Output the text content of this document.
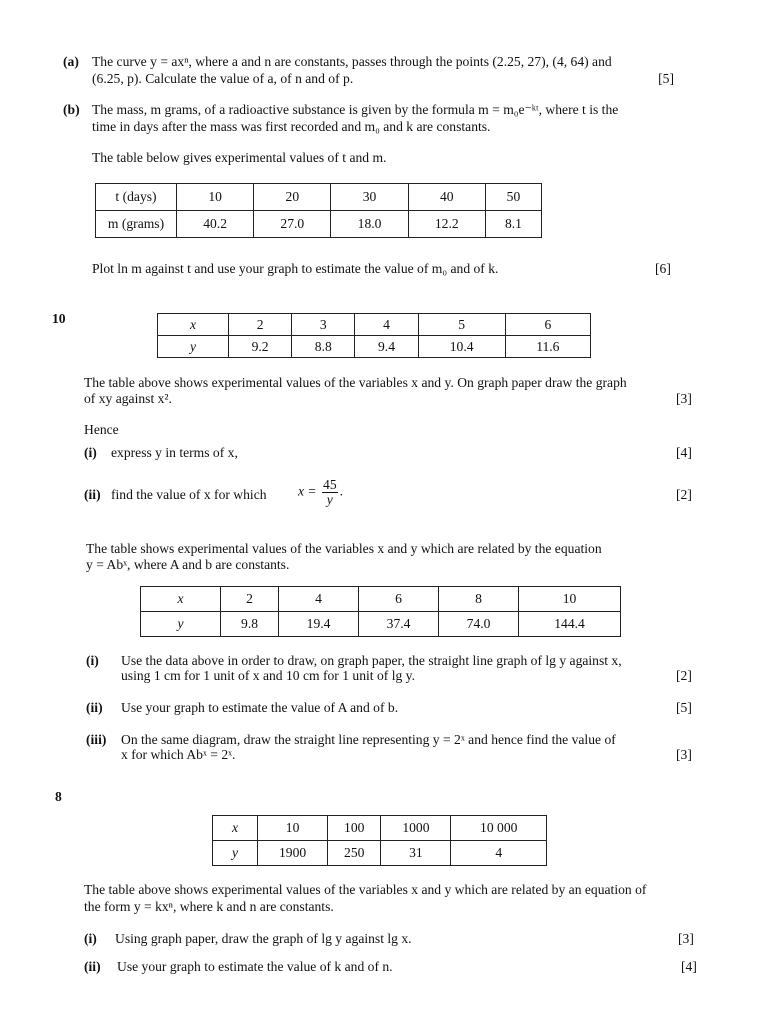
(a) The curve y = axⁿ, where a and n are constants, passes through the points (2.25, 27), (4, 64) and
(6.25, p). Calculate the value of a, of n and of p.	[5]
(b) The mass, m grams, of a radioactive substance is given by the formula m = m₀e⁻ᵏᵗ, where t is the
time in days after the mass was first recorded and m₀ and k are constants.
The table below gives experimental values of t and m.
t (days)	10	20	30	40	50
m (grams)	40.2	27.0	18.0	12.2	8.1
Plot ln m against t and use your graph to estimate the value of m₀ and of k.	[6]
10	x	2	3	4	5	6
y	9.2	8.8	9.4	10.4	11.6
The table above shows experimental values of the variables x and y. On graph paper draw the graph
of xy against x².	[3]
Hence
(i) express y in terms of x,	[4]
(ii) find the value of x for which $x = \frac{45}{y}$ .	[2]
The table shows experimental values of the variables x and y which are related by the equation
y = Abˣ, where A and b are constants.
x	2	4	6	8	10
y	9.8	19.4	37.4	74.0	144.4
(i) Use the data above in order to draw, on graph paper, the straight line graph of lg y against x,
using 1 cm for 1 unit of x and 10 cm for 1 unit of lg y.	[2]
(ii) Use your graph to estimate the value of A and of b.	[5]
(iii) On the same diagram, draw the straight line representing y = 2ˣ and hence find the value of
x for which Abˣ = 2ˣ.	[3]
8
x	10	100	1000	10 000
y	1900	250	31	4
The table above shows experimental values of the variables x and y which are related by an equation of
the form y = kxⁿ, where k and n are constants.
(i) Using graph paper, draw the graph of lg y against lg x.	[3]
(ii) Use your graph to estimate the value of k and of n.	[4]
